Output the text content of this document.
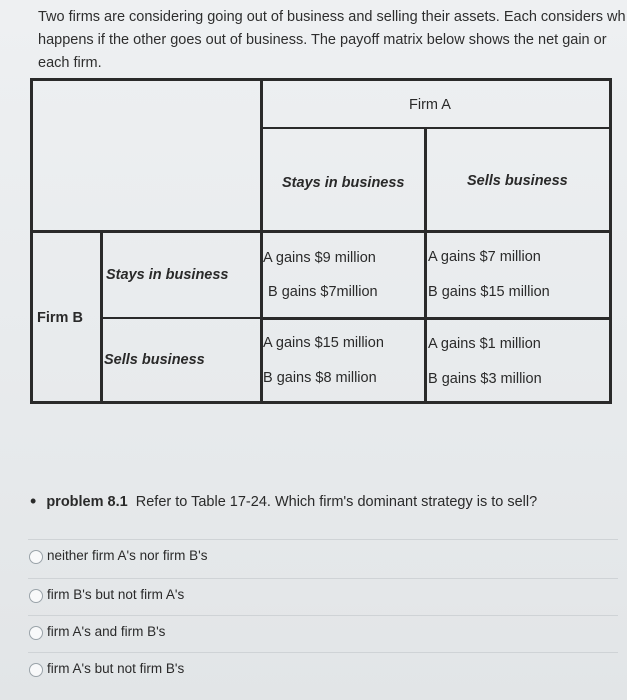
Two firms are considering going out of business and selling their assets. Each considers wh
happens if the other goes out of business. The payoff matrix below shows the net gain or
each firm.
Firm A
Stays in business	Sells business
Firm B
Stays in business
Sells business
A gains $9 million
B gains $7million
A gains $7 million
B gains $15 million
A gains $15 million
B gains $8 million
A gains $1 million
B gains $3 million
• problem 8.1 Refer to Table 17-24. Which firm's dominant strategy is to sell?
neither firm A's nor firm B's
firm B's but not firm A's
firm A's and firm B's
firm A's but not firm B's
